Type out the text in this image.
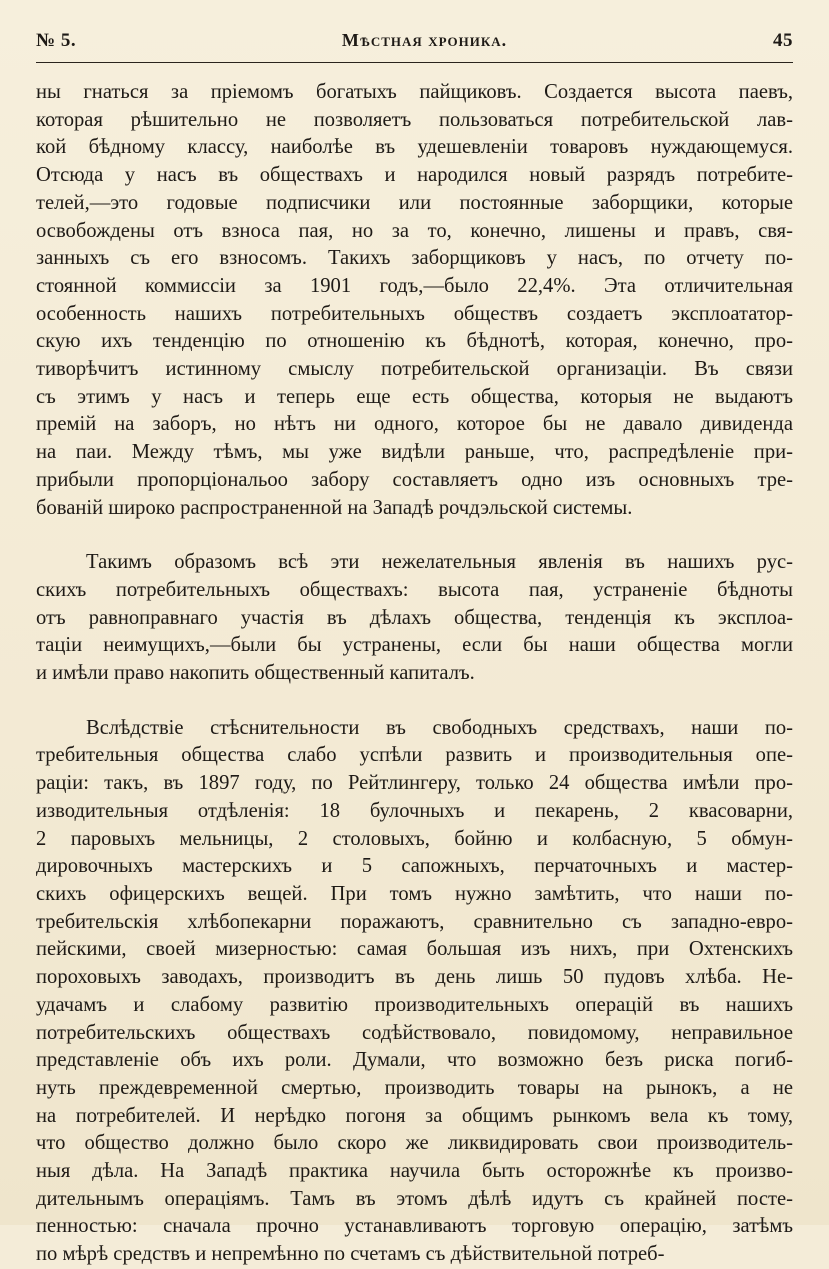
№ 5.	Мѣстная хроника.	45
ны гнаться за пріемомъ богатыхъ пайщиковъ. Создается высота паевъ,
которая рѣшительно не позволяетъ пользоваться потребительской лав-
кой бѣдному классу, наиболѣе въ удешевленіи товаровъ нуждающемуся.
Отсюда у насъ въ обществахъ и народился новый разрядъ потребите-
телей,—это годовые подписчики или постоянные заборщики, которые
освобождены отъ взноса пая, но за то, конечно, лишены и правъ, свя-
занныхъ съ его взносомъ. Такихъ заборщиковъ у насъ, по отчету по-
стоянной коммиссіи за 1901 годъ,—было 22,4%. Эта отличительная
особенность нашихъ потребительныхъ обществъ создаетъ эксплоататор-
скую ихъ тенденцію по отношенію къ бѣднотѣ, которая, конечно, про-
тиворѣчитъ истинному смыслу потребительской организаціи. Въ связи
съ этимъ у насъ и теперь еще есть общества, которыя не выдаютъ
премій на заборъ, но нѣтъ ни одного, которое бы не давало дивиденда
на паи. Между тѣмъ, мы уже видѣли раньше, что, распредѣленіе при-
прибыли пропорціональоо забору составляетъ одно изъ основныхъ тре-
бованій широко распространенной на Западѣ рочдэльской системы.
Такимъ образомъ всѣ эти нежелательныя явленія въ нашихъ рус-
скихъ потребительныхъ обществахъ: высота пая, устраненіе бѣдноты
отъ равноправнаго участія въ дѣлахъ общества, тенденція къ эксплоа-
таціи неимущихъ,—были бы устранены, если бы наши общества могли
и имѣли право накопить общественный капиталъ.
Вслѣдствіе стѣснительности въ свободныхъ средствахъ, наши по-
требительныя общества слабо успѣли развить и производительныя опе-
раціи: такъ, въ 1897 году, по Рейтлингеру, только 24 общества имѣли про-
изводительныя отдѣленія: 18 булочныхъ и пекарень, 2 квасоварни,
2 паровыхъ мельницы, 2 столовыхъ, бойню и колбасную, 5 обмун-
дировочныхъ мастерскихъ и 5 сапожныхъ, перчаточныхъ и мастер-
скихъ офицерскихъ вещей. При томъ нужно замѣтить, что наши по-
требительскія хлѣбопекарни поражаютъ, сравнительно съ западно-евро-
пейскими, своей мизерностью: самая большая изъ нихъ, при Охтенскихъ
пороховыхъ заводахъ, производитъ въ день лишь 50 пудовъ хлѣба. Не-
удачамъ и слабому развитію производительныхъ операцій въ нашихъ
потребительскихъ обществахъ содѣйствовало, повидомому, неправильное
представленіе объ ихъ роли. Думали, что возможно безъ риска погиб-
нуть преждевременной смертью, производить товары на рынокъ, а не
на потребителей. И нерѣдко погоня за общимъ рынкомъ вела къ тому,
что общество должно было скоро же ликвидировать свои производитель-
ныя дѣла. На Западѣ практика научила быть осторожнѣе къ произво-
дительнымъ операціямъ. Тамъ въ этомъ дѣлѣ идутъ съ крайней посте-
пенностью: сначала прочно устанавливаютъ торговую операцію, затѣмъ
по мѣрѣ средствъ и непремѣнно по счетамъ съ дѣйствительной потреб-
